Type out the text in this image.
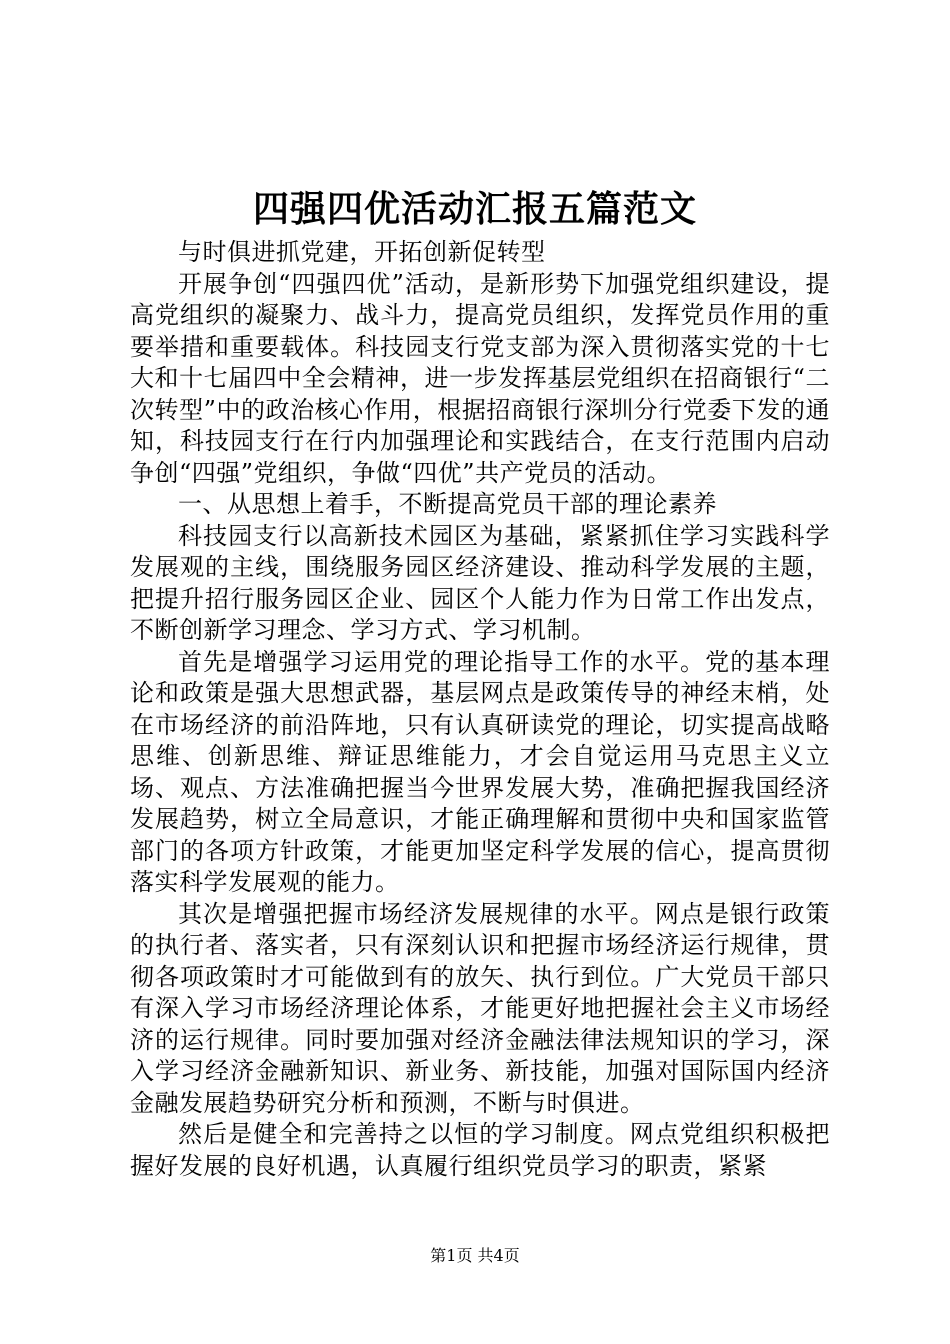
四强四优活动汇报五篇范文

与时俱进抓党建，开拓创新促转型

开展争创“四强四优”活动，是新形势下加强党组织建设，提高党组织的凝聚力、战斗力，提高党员组织，发挥党员作用的重要举措和重要载体。科技园支行党支部为深入贯彻落实党的十七大和十七届四中全会精神，进一步发挥基层党组织在招商银行“二次转型”中的政治核心作用，根据招商银行深圳分行党委下发的通知，科技园支行在行内加强理论和实践结合，在支行范围内启动争创“四强”党组织，争做“四优”共产党员的活动。

一、从思想上着手，不断提高党员干部的理论素养

科技园支行以高新技术园区为基础，紧紧抓住学习实践科学发展观的主线，围绕服务园区经济建设、推动科学发展的主题，把提升招行服务园区企业、园区个人能力作为日常工作出发点，不断创新学习理念、学习方式、学习机制。

首先是增强学习运用党的理论指导工作的水平。党的基本理论和政策是强大思想武器，基层网点是政策传导的神经末梢，处在市场经济的前沿阵地，只有认真研读党的理论，切实提高战略思维、创新思维、辩证思维能力，才会自觉运用马克思主义立场、观点、方法准确把握当今世界发展大势，准确把握我国经济发展趋势，树立全局意识，才能正确理解和贯彻中央和国家监管部门的各项方针政策，才能更加坚定科学发展的信心，提高贯彻落实科学发展观的能力。

其次是增强把握市场经济发展规律的水平。网点是银行政策的执行者、落实者，只有深刻认识和把握市场经济运行规律，贯彻各项政策时才可能做到有的放矢、执行到位。广大党员干部只有深入学习市场经济理论体系，才能更好地把握社会主义市场经济的运行规律。同时要加强对经济金融法律法规知识的学习，深入学习经济金融新知识、新业务、新技能，加强对国际国内经济金融发展趋势研究分析和预测，不断与时俱进。

然后是健全和完善持之以恒的学习制度。网点党组织积极把握好发展的良好机遇，认真履行组织党员学习的职责，紧紧

第1页 共4页
